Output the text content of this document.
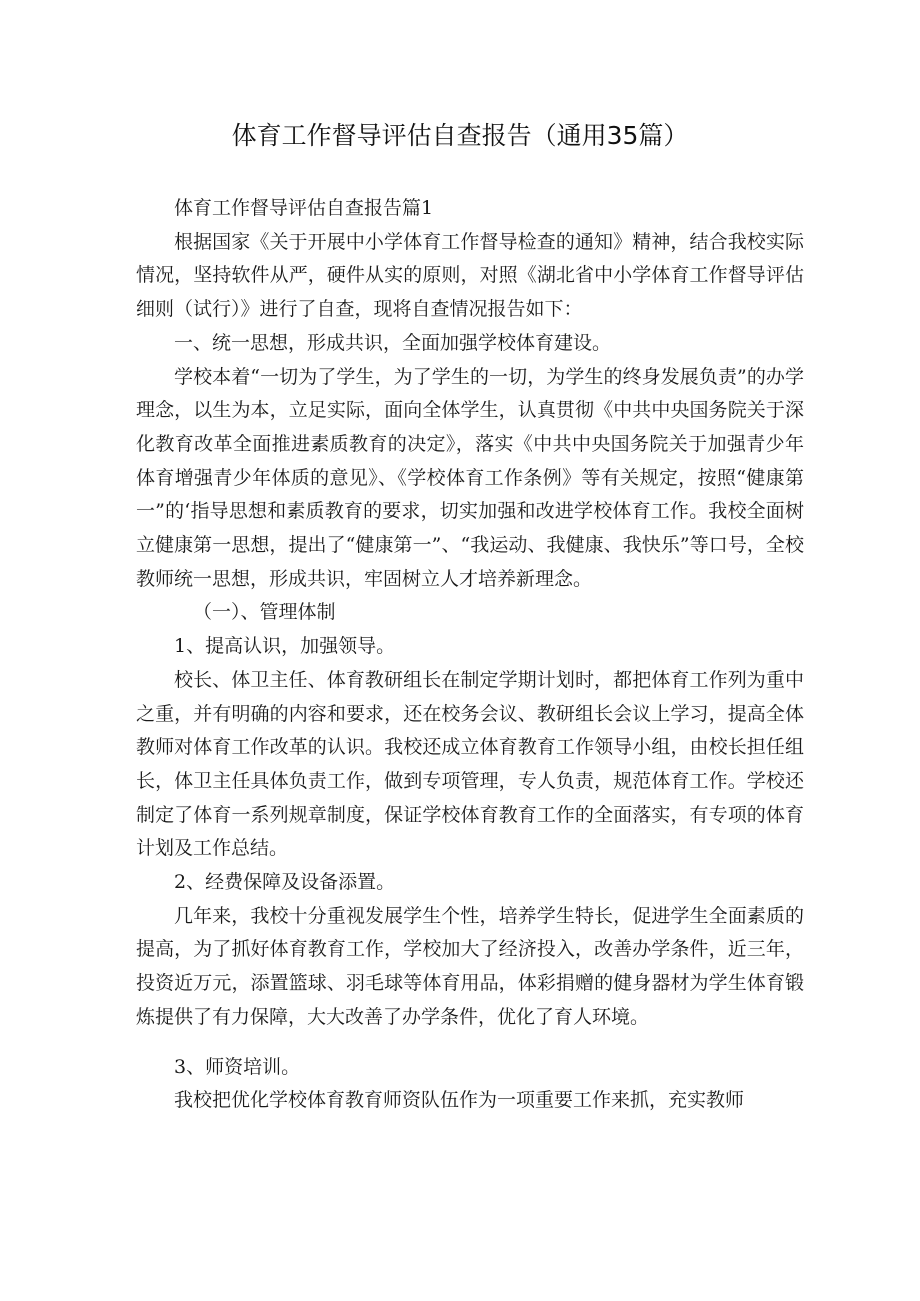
体育工作督导评估自查报告（通用35篇）

体育工作督导评估自查报告篇1

根据国家《关于开展中小学体育工作督导检查的通知》精神，结合我校实际情况，坚持软件从严，硬件从实的原则，对照《湖北省中小学体育工作督导评估细则（试行）》进行了自查，现将自查情况报告如下：

一、统一思想，形成共识，全面加强学校体育建设。

学校本着“一切为了学生，为了学生的一切，为学生的终身发展负责”的办学理念，以生为本，立足实际，面向全体学生，认真贯彻《中共中央国务院关于深化教育改革全面推进素质教育的决定》，落实《中共中央国务院关于加强青少年体育增强青少年体质的意见》、《学校体育工作条例》等有关规定，按照“健康第一”的‘指导思想和素质教育的要求，切实加强和改进学校体育工作。我校全面树立健康第一思想，提出了“健康第一”、“我运动、我健康、我快乐”等口号，全校教师统一思想，形成共识，牢固树立人才培养新理念。

（一）、管理体制

1、提高认识，加强领导。

校长、体卫主任、体育教研组长在制定学期计划时，都把体育工作列为重中之重，并有明确的内容和要求，还在校务会议、教研组长会议上学习，提高全体教师对体育工作改革的认识。我校还成立体育教育工作领导小组，由校长担任组长，体卫主任具体负责工作，做到专项管理，专人负责，规范体育工作。学校还制定了体育一系列规章制度，保证学校体育教育工作的全面落实，有专项的体育计划及工作总结。

2、经费保障及设备添置。

几年来，我校十分重视发展学生个性，培养学生特长，促进学生全面素质的提高，为了抓好体育教育工作，学校加大了经济投入，改善办学条件，近三年，投资近万元，添置篮球、羽毛球等体育用品，体彩捐赠的健身器材为学生体育锻炼提供了有力保障，大大改善了办学条件，优化了育人环境。

3、师资培训。

我校把优化学校体育教育师资队伍作为一项重要工作来抓，充实教师
